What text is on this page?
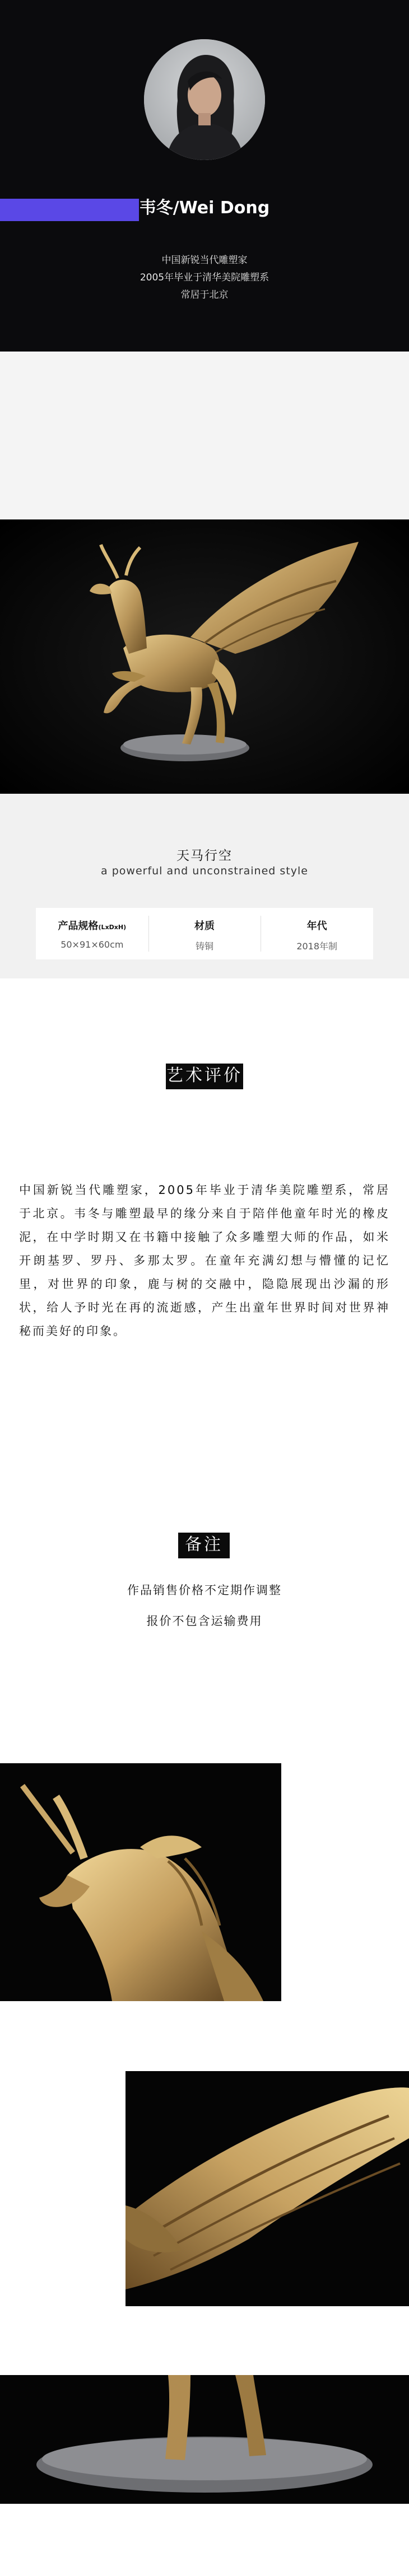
韦冬/Wei Dong
中国新锐当代雕塑家
2005年毕业于清华美院雕塑系
常居于北京
天马行空
a powerful and unconstrained style
产品规格(LxDxH)
50×91×60cm
材质
铸铜
年代
2018年制
艺术评价

中国新锐当代雕塑家，2005年毕业于清华美院雕塑系，常居于北京。韦冬与雕塑最早的缘分来自于陪伴他童年时光的橡皮泥，在中学时期又在书籍中接触了众多雕塑大师的作品，如米开朗基罗、罗丹、多那太罗。在童年充满幻想与懵懂的记忆里，对世界的印象，鹿与树的交融中，隐隐展现出沙漏的形状，给人予时光在再的流逝感，产生出童年世界时间对世界神秘而美好的印象。

备注
作品销售价格不定期作调整
报价不包含运输费用
